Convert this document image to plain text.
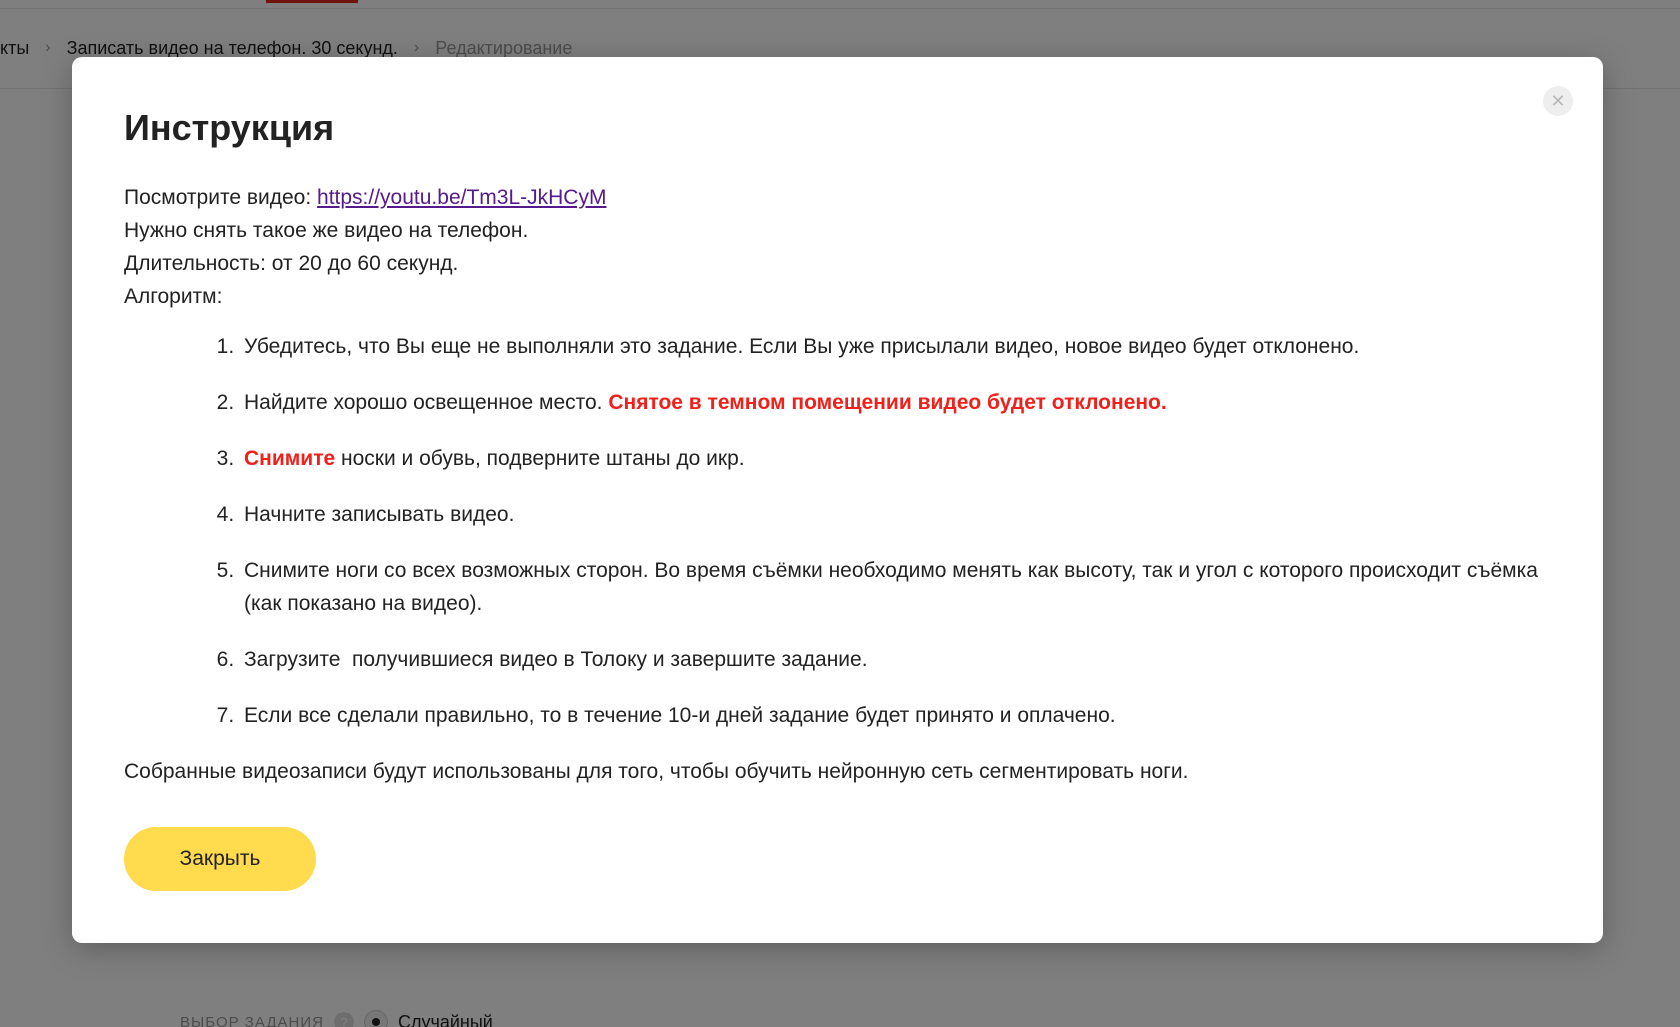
✕
Инструкция

Посмотрите видео: https://youtu.be/Tm3L-JkHCyM

Нужно снять такое же видео на телефон.

Длительность: от 20 до 60 секунд.

Алгоритм:

1. Убедитесь, что Вы еще не выполняли это задание. Если Вы уже присылали видео, новое видео будет отклонено.
2. Найдите хорошо освещенное место. Снятое в темном помещении видео будет отклонено.
3. Снимите носки и обувь, подверните штаны до икр.
4. Начните записывать видео.
5. Снимите ноги со всех возможных сторон. Во время съёмки необходимо менять как высоту, так и угол с которого происходит съёмка (как показано на видео).
6. Загрузите  получившиеся видео в Толоку и завершите задание.
7. Если все сделали правильно, то в течение 10-и дней задание будет принято и оплачено.

Собранные видеозаписи будут использованы для того, чтобы обучить нейронную сеть сегментировать ноги.

Закрыть
